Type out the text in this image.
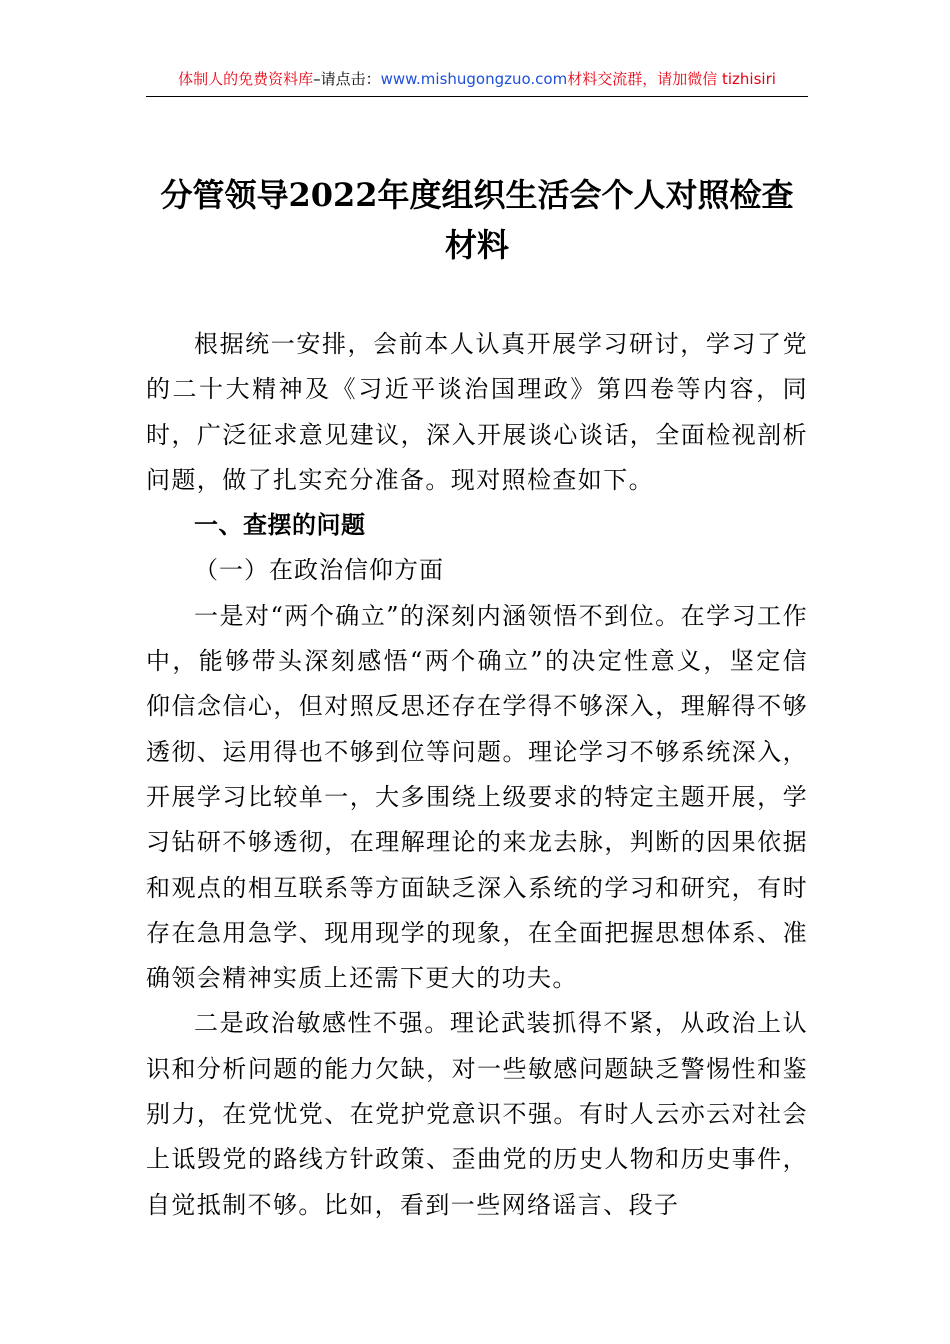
体制人的免费资料库–请点击：www.mishugongzuo.com材料交流群，请加微信 tizhisiri
分管领导2022年度组织生活会个人对照检查材料

根据统一安排，会前本人认真开展学习研讨，学习了党的二十大精神及《习近平谈治国理政》第四卷等内容，同时，广泛征求意见建议，深入开展谈心谈话，全面检视剖析问题，做了扎实充分准备。现对照检查如下。

一、查摆的问题

（一）在政治信仰方面

一是对“两个确立”的深刻内涵领悟不到位。在学习工作中，能够带头深刻感悟“两个确立”的决定性意义，坚定信仰信念信心，但对照反思还存在学得不够深入，理解得不够透彻、运用得也不够到位等问题。理论学习不够系统深入，开展学习比较单一，大多围绕上级要求的特定主题开展，学习钻研不够透彻，在理解理论的来龙去脉，判断的因果依据和观点的相互联系等方面缺乏深入系统的学习和研究，有时存在急用急学、现用现学的现象，在全面把握思想体系、准确领会精神实质上还需下更大的功夫。

二是政治敏感性不强。理论武装抓得不紧，从政治上认识和分析问题的能力欠缺，对一些敏感问题缺乏警惕性和鉴别力，在党忧党、在党护党意识不强。有时人云亦云对社会上诋毁党的路线方针政策、歪曲党的历史人物和历史事件，自觉抵制不够。比如，看到一些网络谣言、段子
